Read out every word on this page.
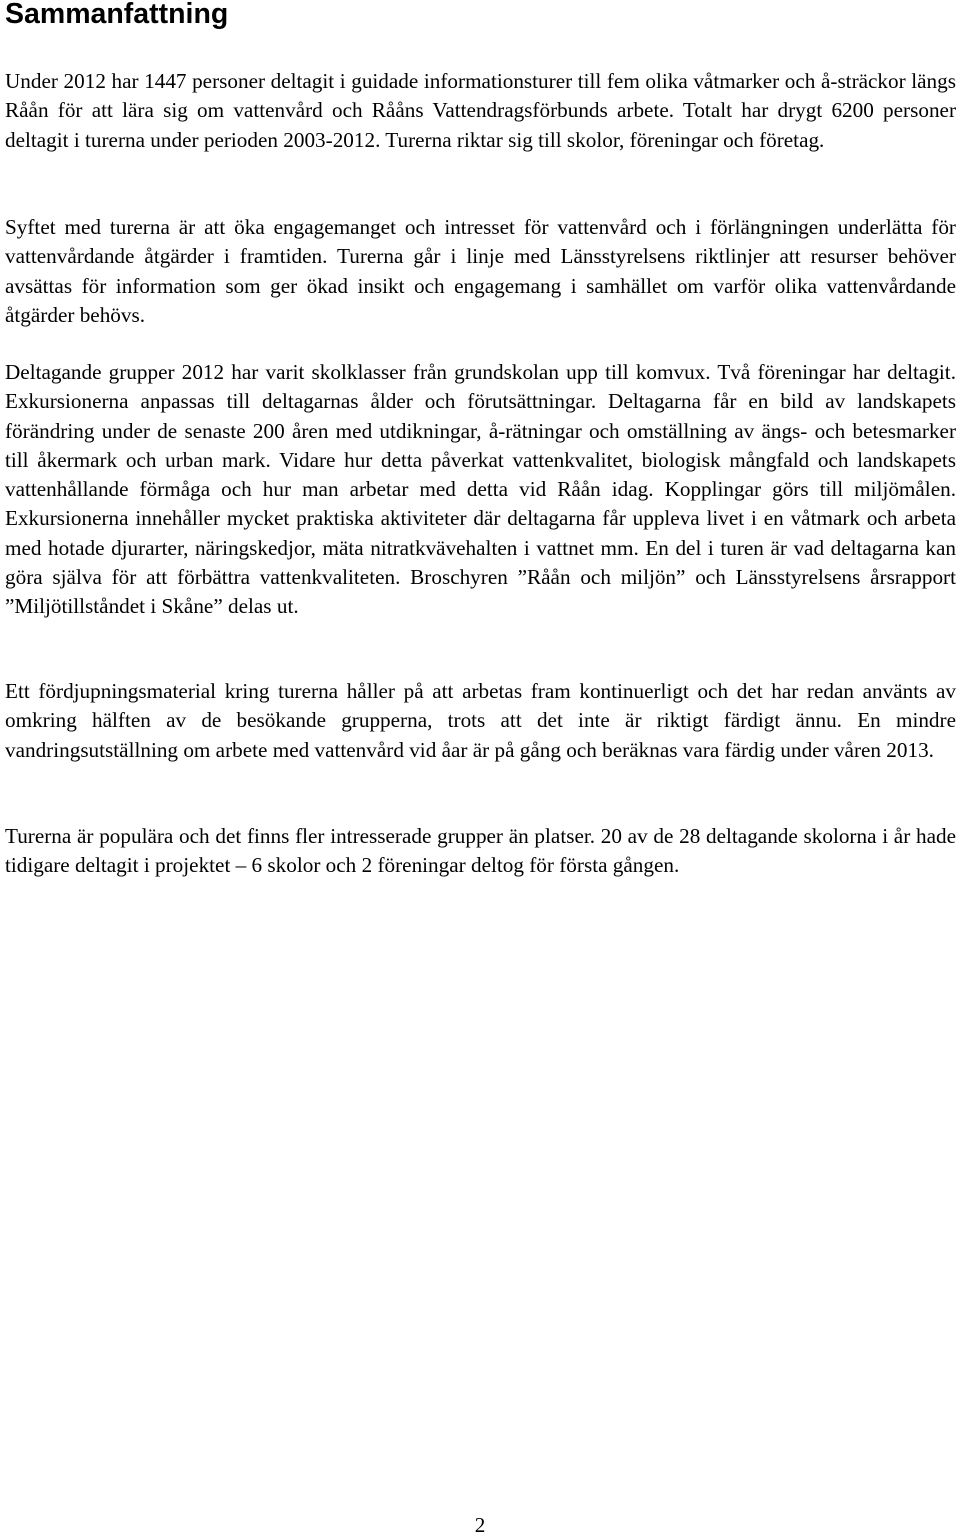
Sammanfattning

Under 2012 har 1447 personer deltagit i guidade informationsturer till fem olika våtmarker och å-sträckor längs Råån för att lära sig om vattenvård och Rååns Vattendragsförbunds arbete. Totalt har drygt 6200 personer deltagit i turerna under perioden 2003-2012. Turerna riktar sig till skolor, föreningar och företag.

Syftet med turerna är att öka engagemanget och intresset för vattenvård och i förlängningen underlätta för vattenvårdande åtgärder i framtiden. Turerna går i linje med Länsstyrelsens riktlinjer att resurser behöver avsättas för information som ger ökad insikt och engagemang i samhället om varför olika vattenvårdande åtgärder behövs.

Deltagande grupper 2012 har varit skolklasser från grundskolan upp till komvux. Två föreningar har deltagit. Exkursionerna anpassas till deltagarnas ålder och förutsättningar. Deltagarna får en bild av landskapets förändring under de senaste 200 åren med utdikningar, å-rätningar och omställning av ängs- och betesmarker till åkermark och urban mark. Vidare hur detta påverkat vattenkvalitet, biologisk mångfald och landskapets vattenhållande förmåga och hur man arbetar med detta vid Råån idag. Kopplingar görs till miljömålen. Exkursionerna innehåller mycket praktiska aktiviteter där deltagarna får uppleva livet i en våtmark och arbeta med hotade djurarter, näringskedjor, mäta nitratkvävehalten i vattnet mm. En del i turen är vad deltagarna kan göra själva för att förbättra vattenkvaliteten. Broschyren ”Råån och miljön” och Länsstyrelsens årsrapport ”Miljötillståndet i Skåne” delas ut.

Ett fördjupningsmaterial kring turerna håller på att arbetas fram kontinuerligt och det har redan använts av omkring hälften av de besökande grupperna, trots att det inte är riktigt färdigt ännu. En mindre vandringsutställning om arbete med vattenvård vid åar är på gång och beräknas vara färdig under våren 2013.

Turerna är populära och det finns fler intresserade grupper än platser. 20 av de 28 deltagande skolorna i år hade tidigare deltagit i projektet – 6 skolor och 2 föreningar deltog för första gången.

2
